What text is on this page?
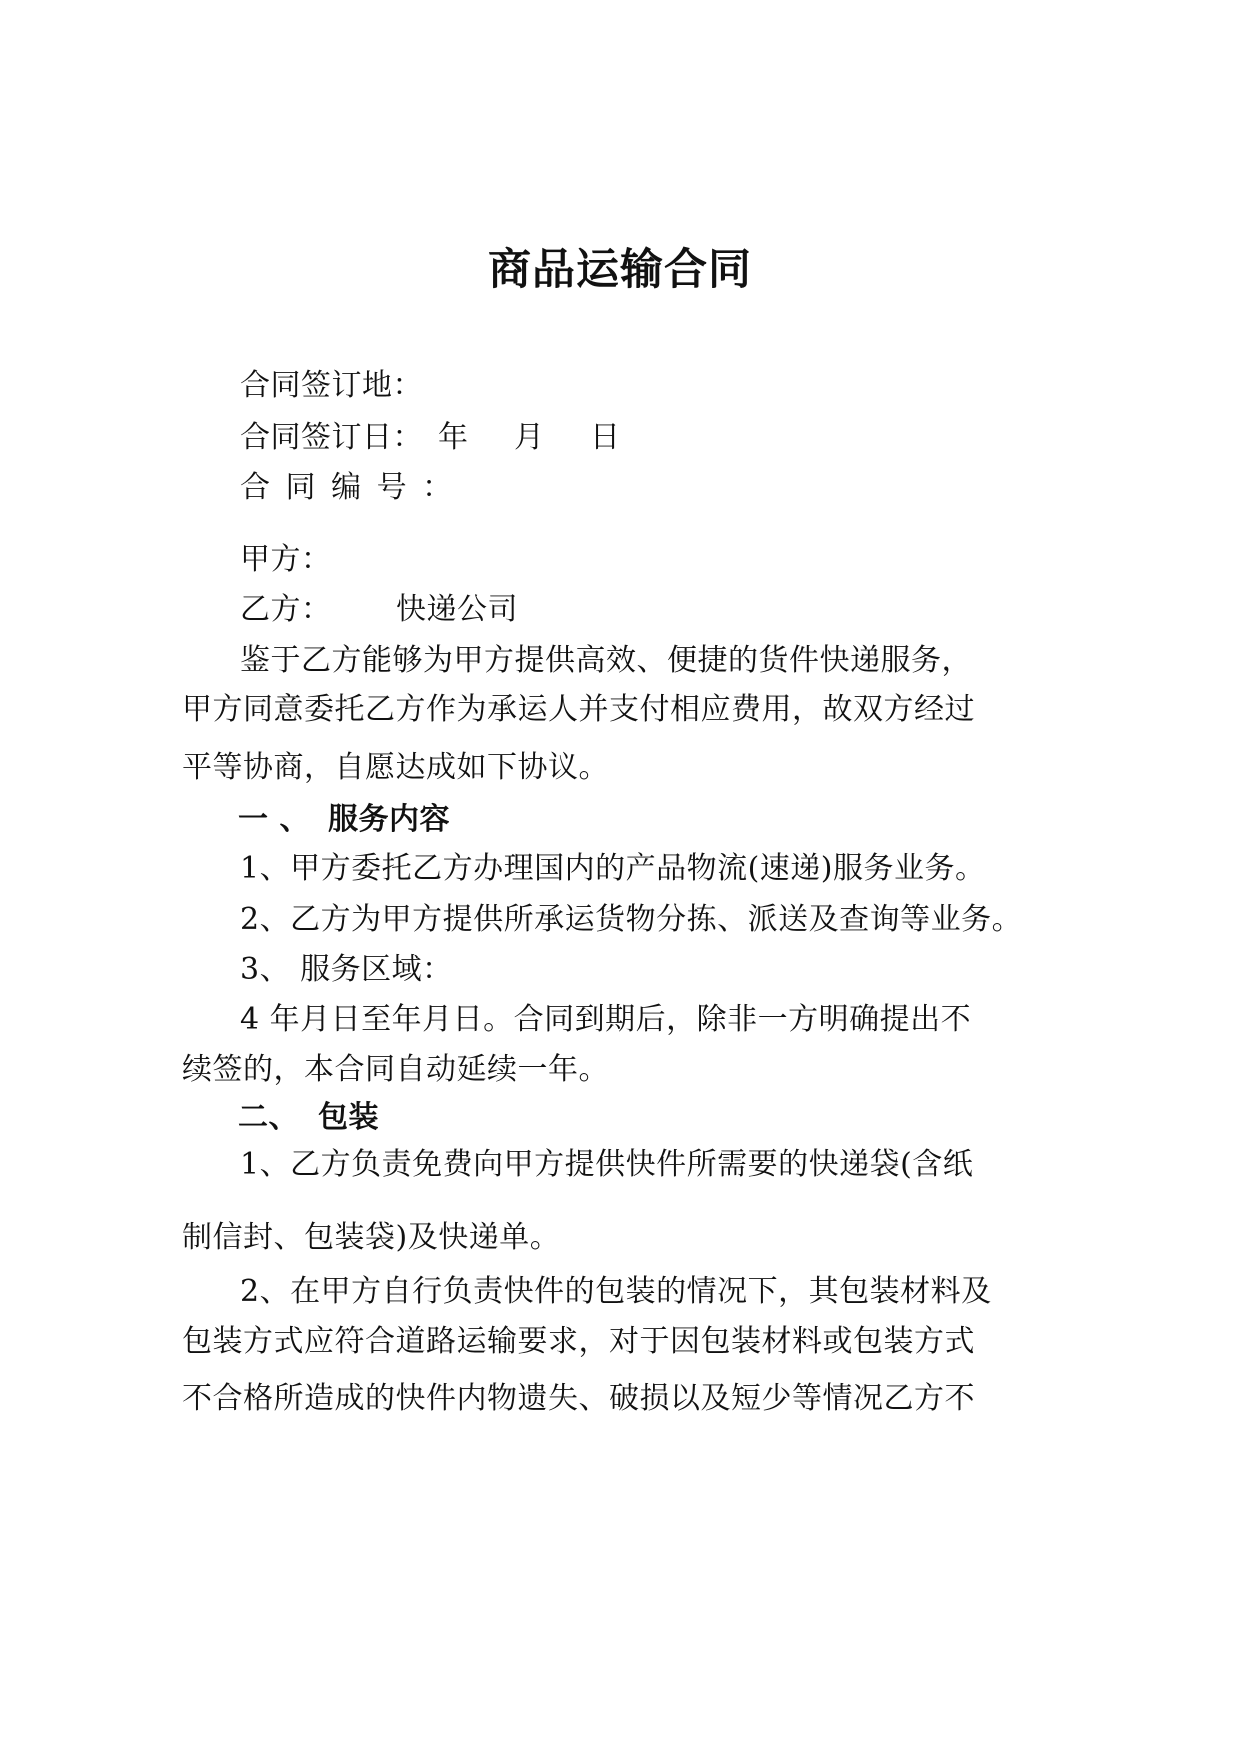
商品运输合同
合同签订地：
合同签订日： 年　月　日
合 同 编 号 ：
甲方：
乙方： 快递公司
鉴于乙方能够为甲方提供高效、便捷的货件快递服务，
甲方同意委托乙方作为承运人并支付相应费用，故双方经过
平等协商，自愿达成如下协议。
一 、 服务内容
1、甲方委托乙方办理国内的产品物流(速递)服务业务。
2、乙方为甲方提供所承运货物分拣、派送及查询等业务。
3、 服务区域：
4 年月日至年月日。合同到期后，除非一方明确提出不
续签的，本合同自动延续一年。
二、 包装
1、乙方负责免费向甲方提供快件所需要的快递袋(含纸
制信封、包装袋)及快递单。
2、在甲方自行负责快件的包装的情况下，其包装材料及
包装方式应符合道路运输要求，对于因包装材料或包装方式
不合格所造成的快件内物遗失、破损以及短少等情况乙方不
